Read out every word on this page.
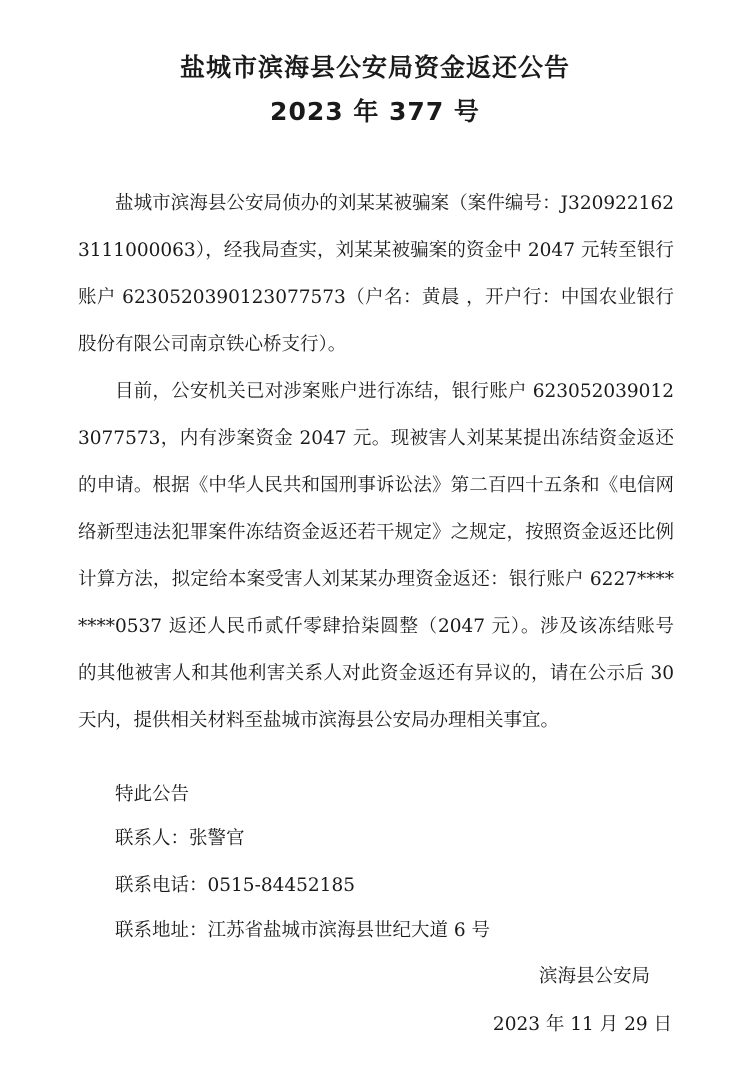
盐城市滨海县公安局资金返还公告
2023 年 377 号

盐城市滨海县公安局侦办的刘某某被骗案（案件编号：J3209221623111000063），经我局查实，刘某某被骗案的资金中 2047 元转至银行账户 6230520390123077573（户名：黄晨 ，开户行：中国农业银行股份有限公司南京铁心桥支行）。

目前，公安机关已对涉案账户进行冻结，银行账户 6230520390123077573，内有涉案资金 2047 元。现被害人刘某某提出冻结资金返还的申请。根据《中华人民共和国刑事诉讼法》第二百四十五条和《电信网络新型违法犯罪案件冻结资金返还若干规定》之规定，按照资金返还比例计算方法，拟定给本案受害人刘某某办理资金返还：银行账户 6227********0537 返还人民币贰仟零肆拾柒圆整（2047 元）。涉及该冻结账号的其他被害人和其他利害关系人对此资金返还有异议的，请在公示后 30 天内，提供相关材料至盐城市滨海县公安局办理相关事宜。

特此公告

联系人：张警官

联系电话：0515-84452185

联系地址：江苏省盐城市滨海县世纪大道 6 号

滨海县公安局

2023 年 11 月 29 日
